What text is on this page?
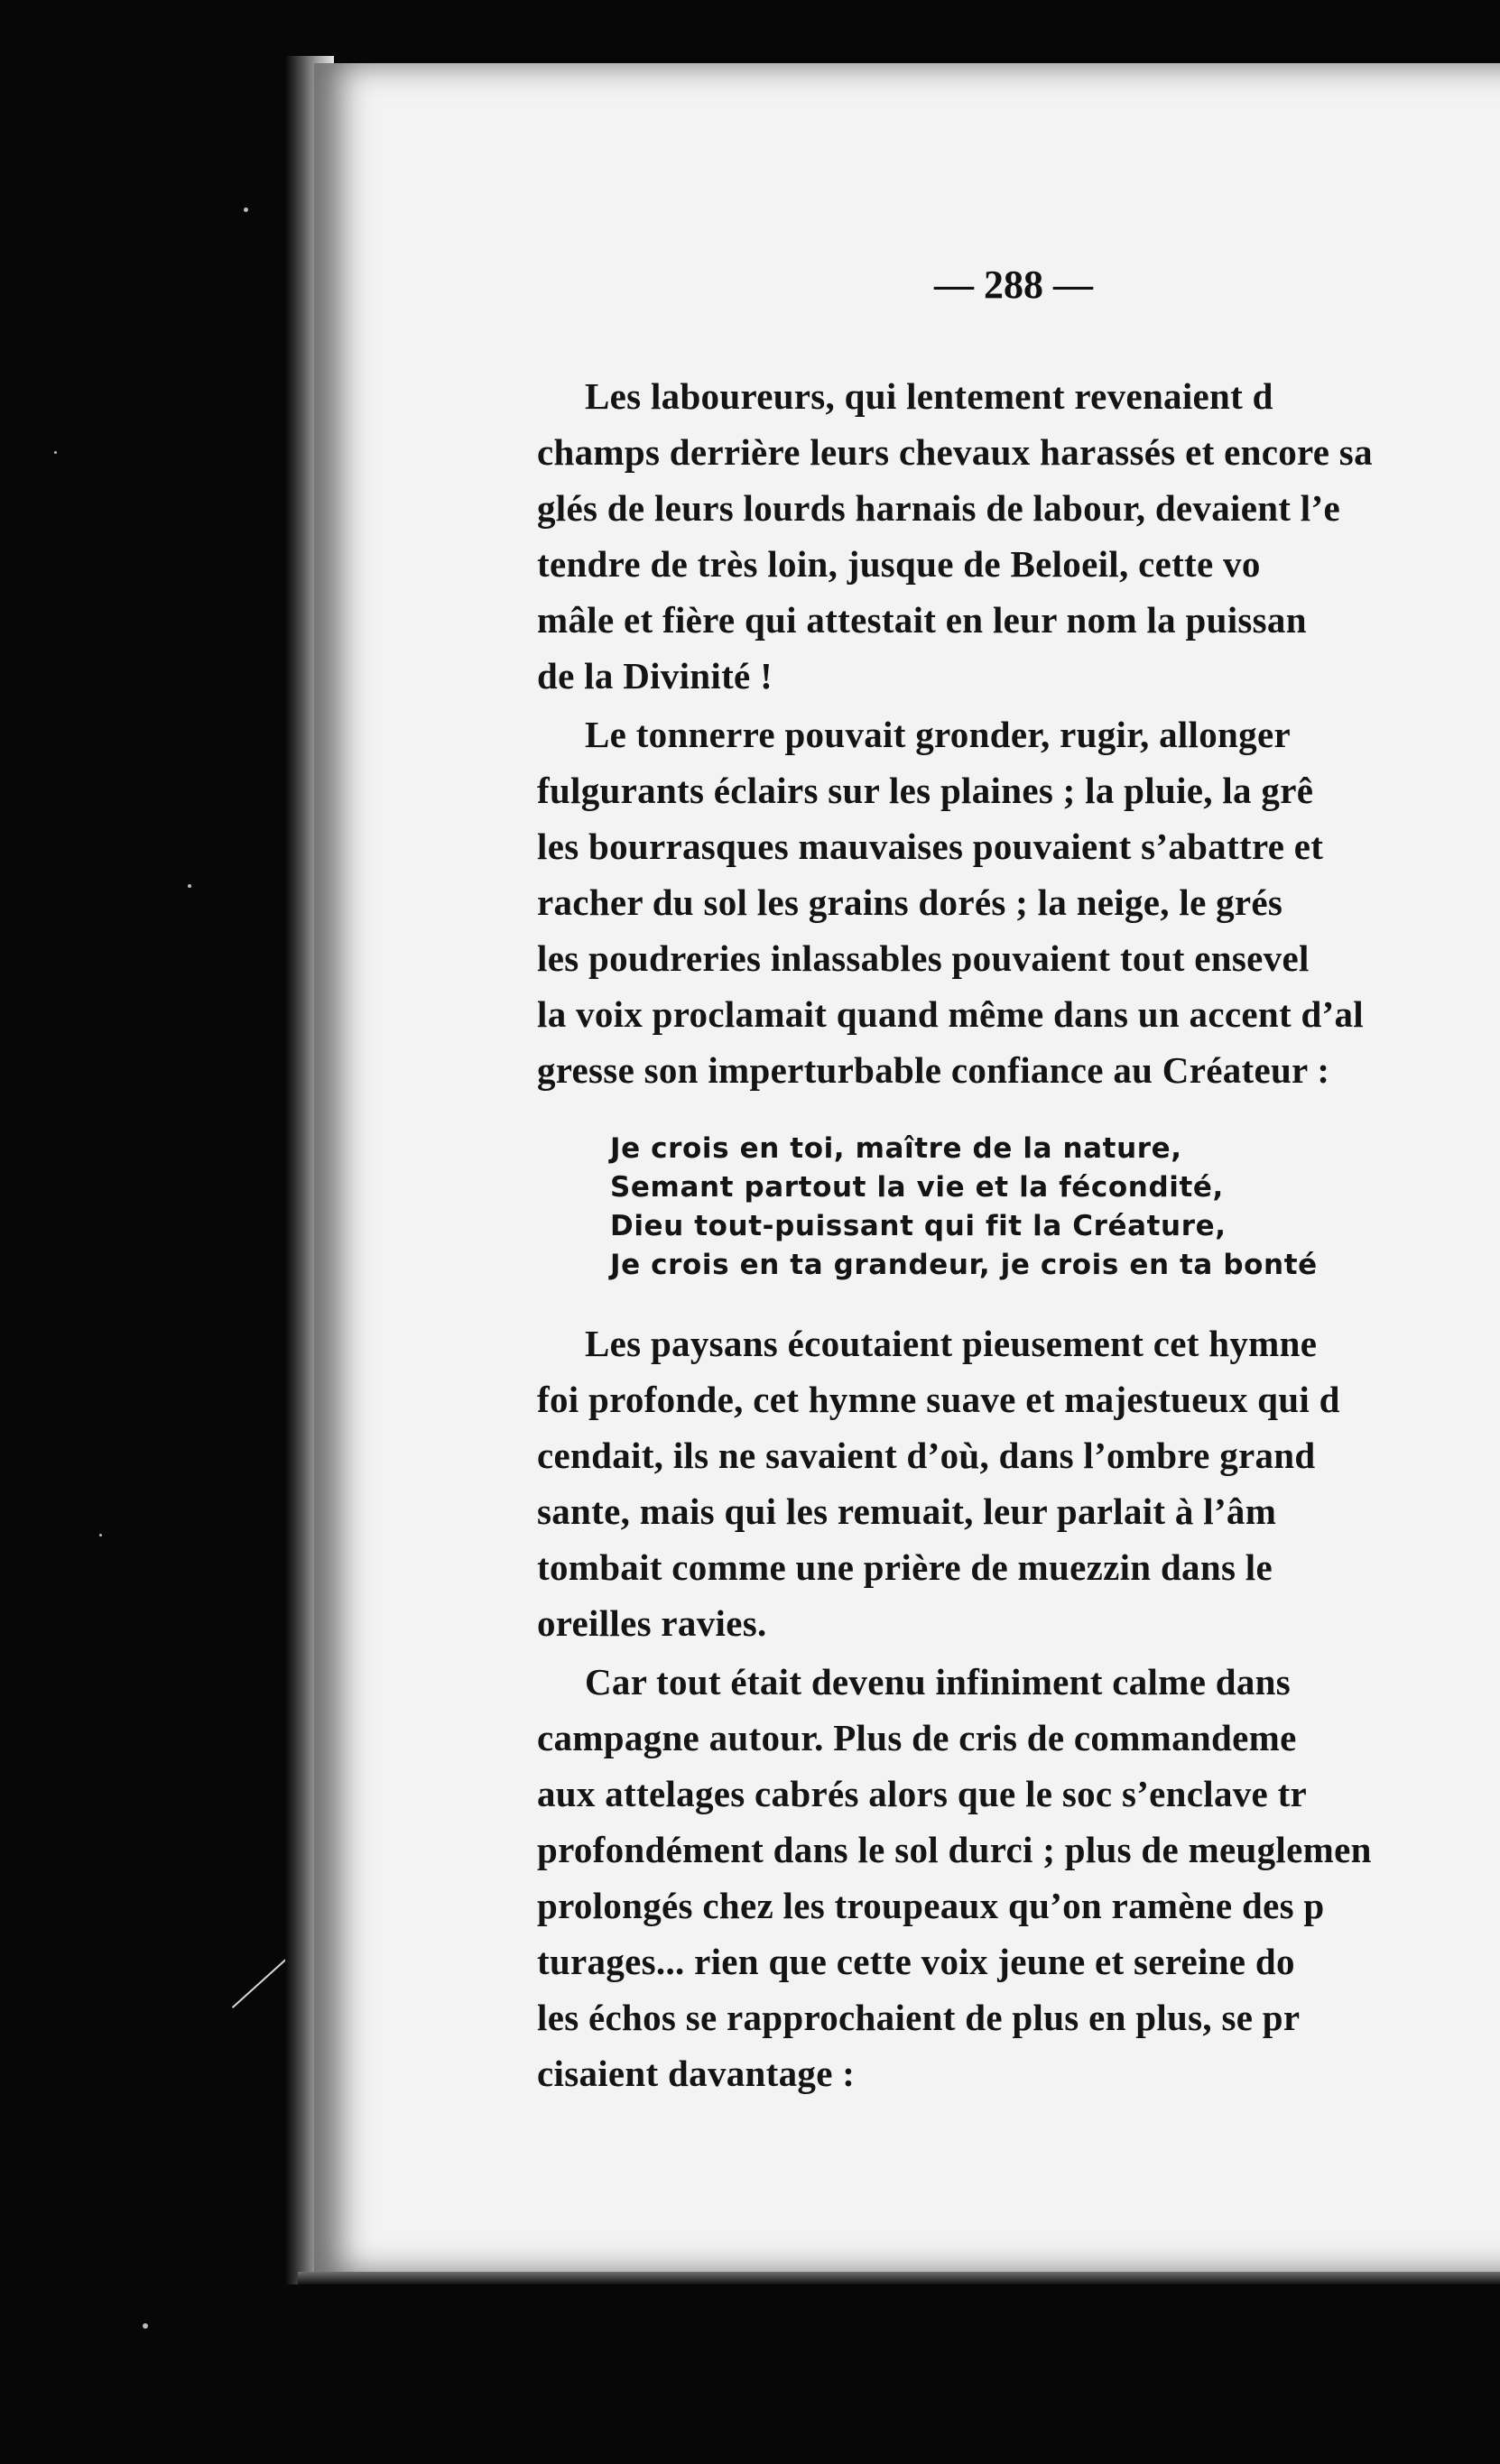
— 288 —
Les laboureurs, qui lentement revenaient d
champs derrière leurs chevaux harassés et encore sa
glés de leurs lourds harnais de labour, devaient l’e
tendre de très loin, jusque de Beloeil, cette vo
mâle et fière qui attestait en leur nom la puissan
de la Divinité !
Le tonnerre pouvait gronder, rugir, allonger
fulgurants éclairs sur les plaines ; la pluie, la grê
les bourrasques mauvaises pouvaient s’abattre et
racher du sol les grains dorés ; la neige, le grés
les poudreries inlassables pouvaient tout ensevel
la voix proclamait quand même dans un accent d’al
gresse son imperturbable confiance au Créateur :
Je crois en toi, maître de la nature,
Semant partout la vie et la fécondité,
Dieu tout-puissant qui fit la Créature,
Je crois en ta grandeur, je crois en ta bonté
Les paysans écoutaient pieusement cet hymne
foi profonde, cet hymne suave et majestueux qui d
cendait, ils ne savaient d’où, dans l’ombre grand
sante, mais qui les remuait, leur parlait à l’âm
tombait comme une prière de muezzin dans le
oreilles ravies.
Car tout était devenu infiniment calme dans
campagne autour. Plus de cris de commandeme
aux attelages cabrés alors que le soc s’enclave tr
profondément dans le sol durci ; plus de meuglemen
prolongés chez les troupeaux qu’on ramène des p
turages... rien que cette voix jeune et sereine do
les échos se rapprochaient de plus en plus, se pr
cisaient davantage :
